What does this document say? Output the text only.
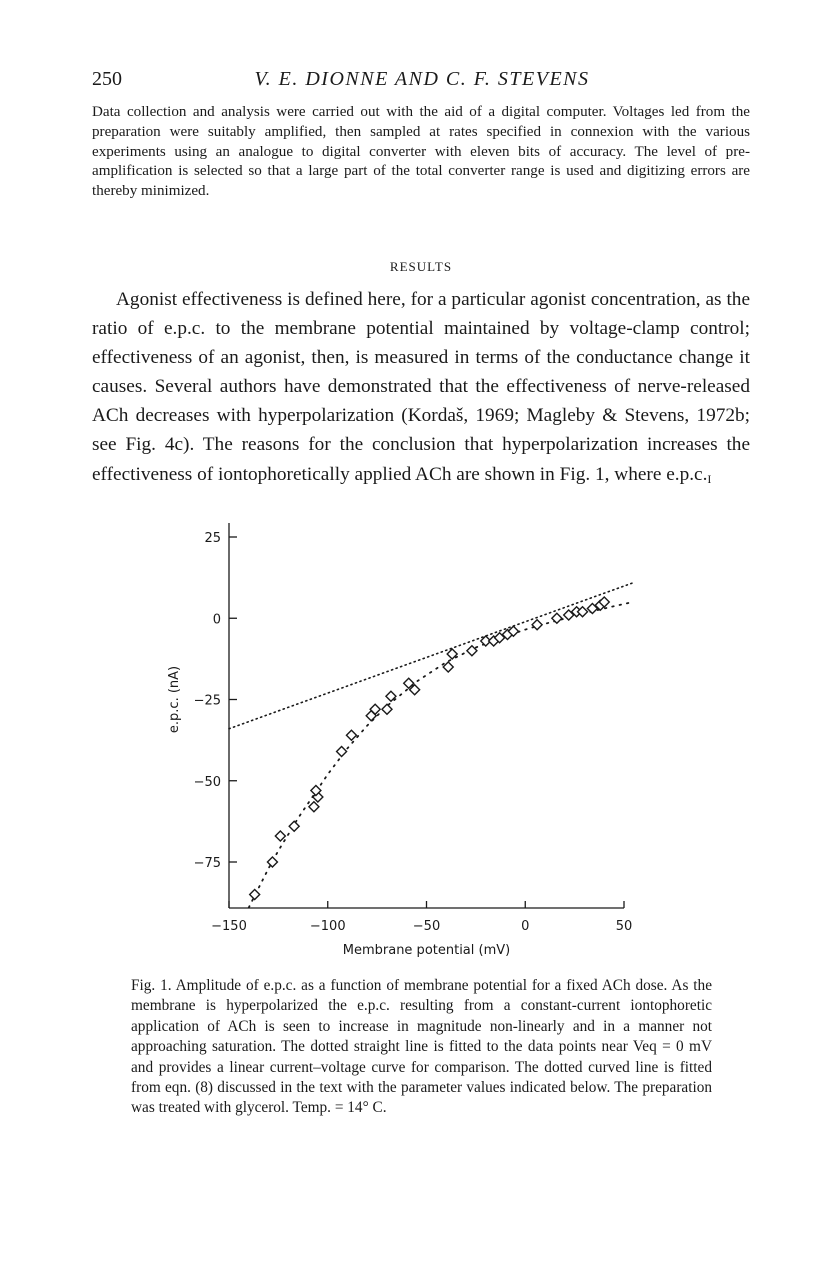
250	V. E. DIONNE AND C. F. STEVENS

Data collection and analysis were carried out with the aid of a digital computer. Voltages led from the preparation were suitably amplified, then sampled at rates specified in connexion with the various experiments using an analogue to digital converter with eleven bits of accuracy. The level of pre-amplification is selected so that a large part of the total converter range is used and digitizing errors are thereby minimized.

RESULTS

Agonist effectiveness is defined here, for a particular agonist concentration, as the ratio of e.p.c. to the membrane potential maintained by voltage-clamp control; effectiveness of an agonist, then, is measured in terms of the conductance change it causes. Several authors have demonstrated that the effectiveness of nerve-released ACh decreases with hyperpolarization (Kordaš, 1969; Magleby & Stevens, 1972b; see Fig. 4c). The reasons for the conclusion that hyperpolarization increases the effectiveness of iontophoretically applied ACh are shown in Fig. 1, where $e.p.c._I$

25
0
−25
−50
−75
−150	−100	−50	0	50
e.p.c. (nA)
Membrane potential (mV)

Fig. 1. Amplitude of e.p.c. as a function of membrane potential for a fixed ACh dose. As the membrane is hyperpolarized the e.p.c. resulting from a constant-current iontophoretic application of ACh is seen to increase in magnitude non-linearly and in a manner not approaching saturation. The dotted straight line is fitted to the data points near Veq = 0 mV and provides a linear current–voltage curve for comparison. The dotted curved line is fitted from eqn. (8) discussed in the text with the parameter values indicated below. The preparation was treated with glycerol. Temp. = 14° C.
